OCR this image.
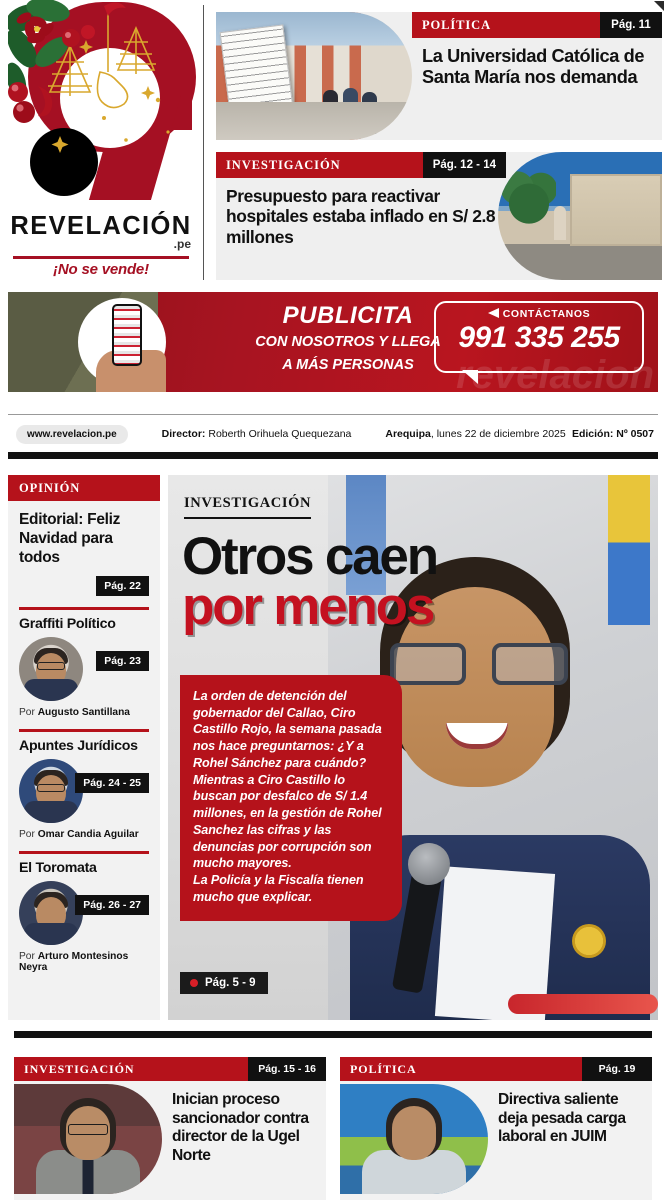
REVELACIÓN
.pe
¡No se vende!
POLÍTICA	Pág. 11
La Universidad Católica de Santa María nos demanda
INVESTIGACIÓN	Pág. 12 - 14
Presupuesto para reactivar hospitales estaba inflado en S/ 2.8 millones
revelacion
PUBLICITA
CON NOSOTROS Y LLEGA
A MÁS PERSONAS
CONTÁCTANOS
991 335 255
www.revelacion.pe	Director: Roberth Orihuela Quequezana	Arequipa, lunes 22 de diciembre 2025 Edición: Nº 0507
OPINIÓN
Editorial: Feliz Navidad para todos
Pág. 22
Graffiti Político
Pág. 23
Por Augusto Santillana
Apuntes Jurídicos
Pág. 24 - 25
Por Omar Candia Aguilar
El Toromata
Pág. 26 - 27
Por Arturo Montesinos Neyra
INVESTIGACIÓN
Otros caen
por menos

La orden de detención del gobernador del Callao, Ciro Castillo Rojo, la semana pasada nos hace preguntarnos: ¿Y a Rohel Sánchez para cuándo? Mientras a Ciro Castillo lo buscan por desfalco de S/ 1.4 millones, en la gestión de Rohel Sanchez las cifras y las denuncias por corrupción son mucho mayores.

La Policía y la Fiscalía tienen mucho que explicar.

Pág. 5 - 9
INVESTIGACIÓN	Pág. 15 - 16
Inician proceso sancionador contra director de la Ugel Norte
POLÍTICA	Pág. 19
Directiva saliente deja pesada carga laboral en JUIM
